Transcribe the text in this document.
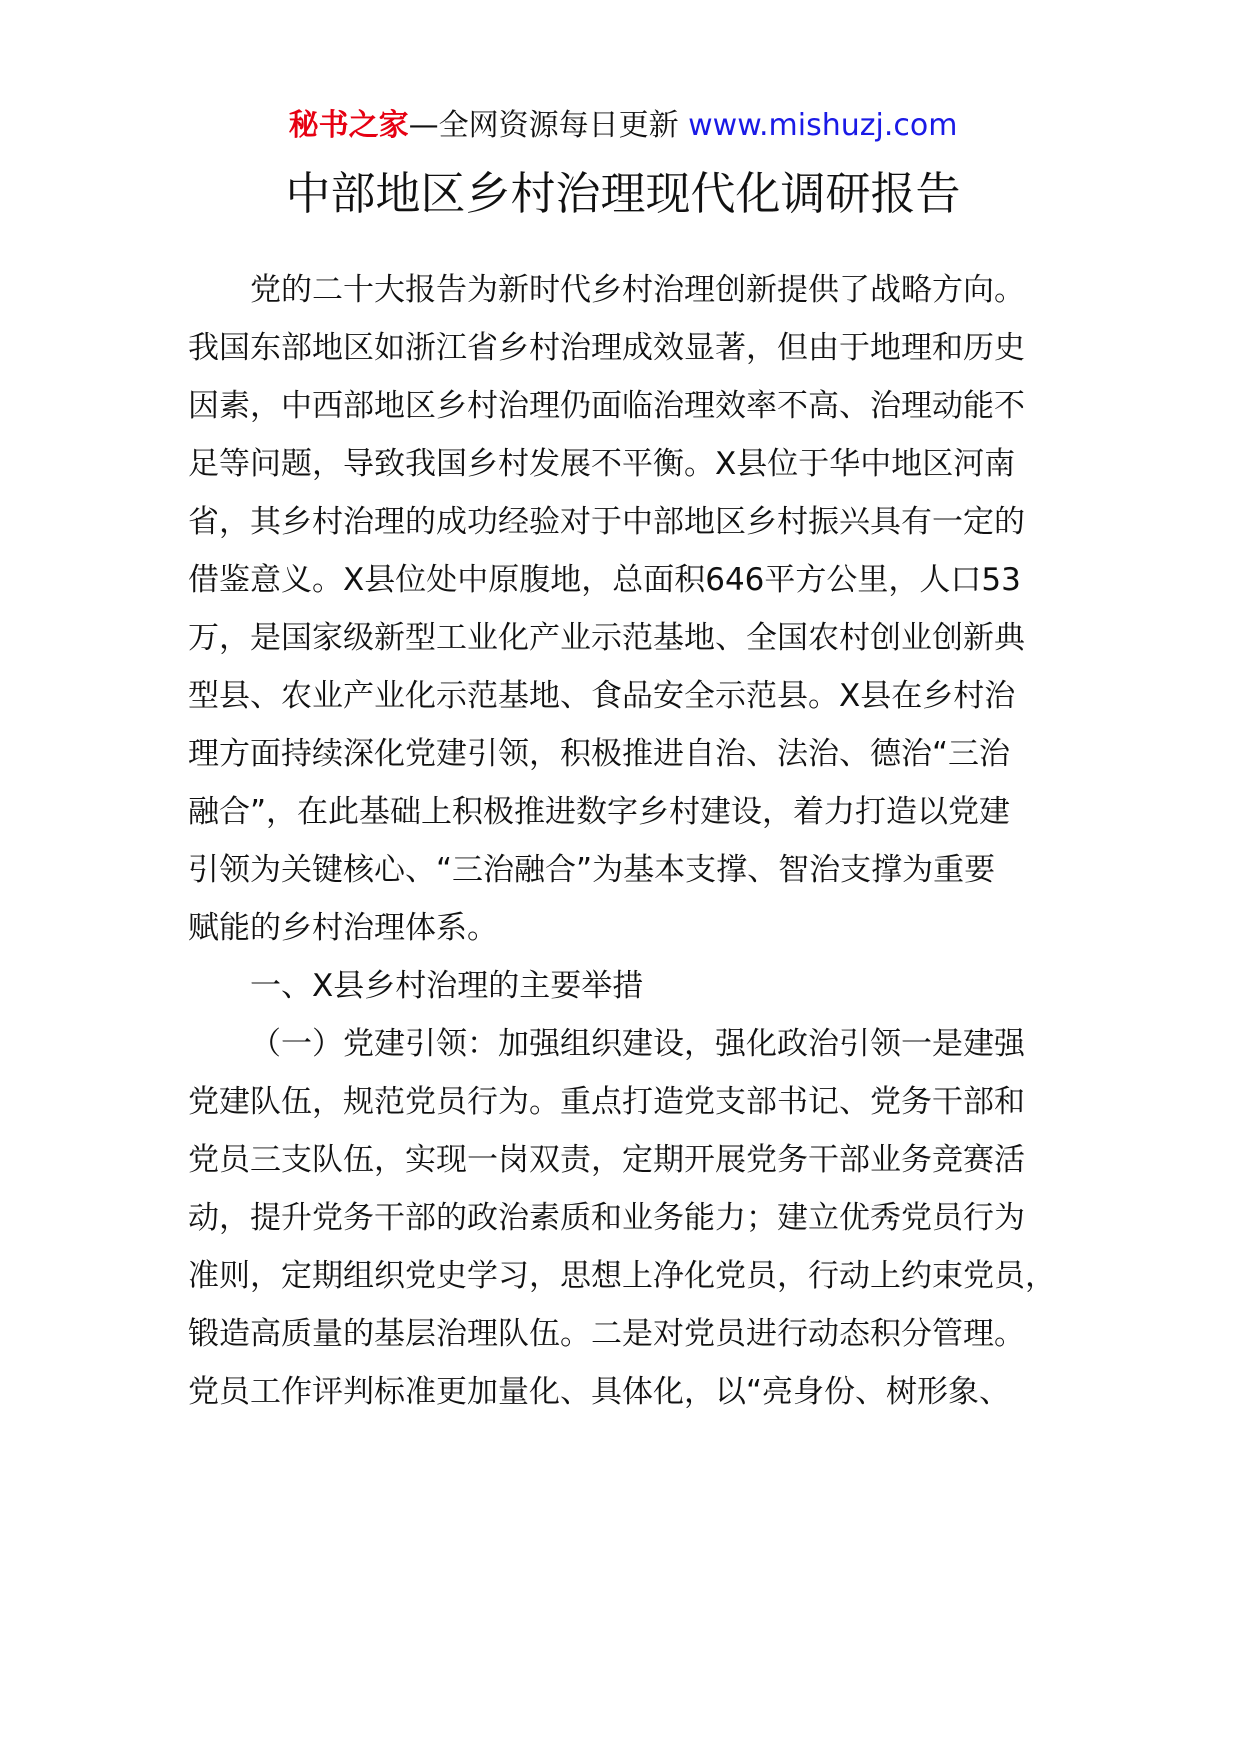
秘书之家—全网资源每日更新 www.mishuzj.com
中部地区乡村治理现代化调研报告
党的二十大报告为新时代乡村治理创新提供了战略方向。
我国东部地区如浙江省乡村治理成效显著，但由于地理和历史
因素，中西部地区乡村治理仍面临治理效率不高、治理动能不
足等问题，导致我国乡村发展不平衡。X县位于华中地区河南
省，其乡村治理的成功经验对于中部地区乡村振兴具有一定的
借鉴意义。X县位处中原腹地，总面积646平方公里，人口53
万，是国家级新型工业化产业示范基地、全国农村创业创新典
型县、农业产业化示范基地、食品安全示范县。X县在乡村治
理方面持续深化党建引领，积极推进自治、法治、德治“三治
融合”，在此基础上积极推进数字乡村建设，着力打造以党建
引领为关键核心、“三治融合”为基本支撑、智治支撑为重要
赋能的乡村治理体系。
一、X县乡村治理的主要举措
（一）党建引领：加强组织建设，强化政治引领一是建强
党建队伍，规范党员行为。重点打造党支部书记、党务干部和
党员三支队伍，实现一岗双责，定期开展党务干部业务竞赛活
动，提升党务干部的政治素质和业务能力；建立优秀党员行为
准则，定期组织党史学习，思想上净化党员，行动上约束党员，
锻造高质量的基层治理队伍。二是对党员进行动态积分管理。
党员工作评判标准更加量化、具体化，以“亮身份、树形象、
